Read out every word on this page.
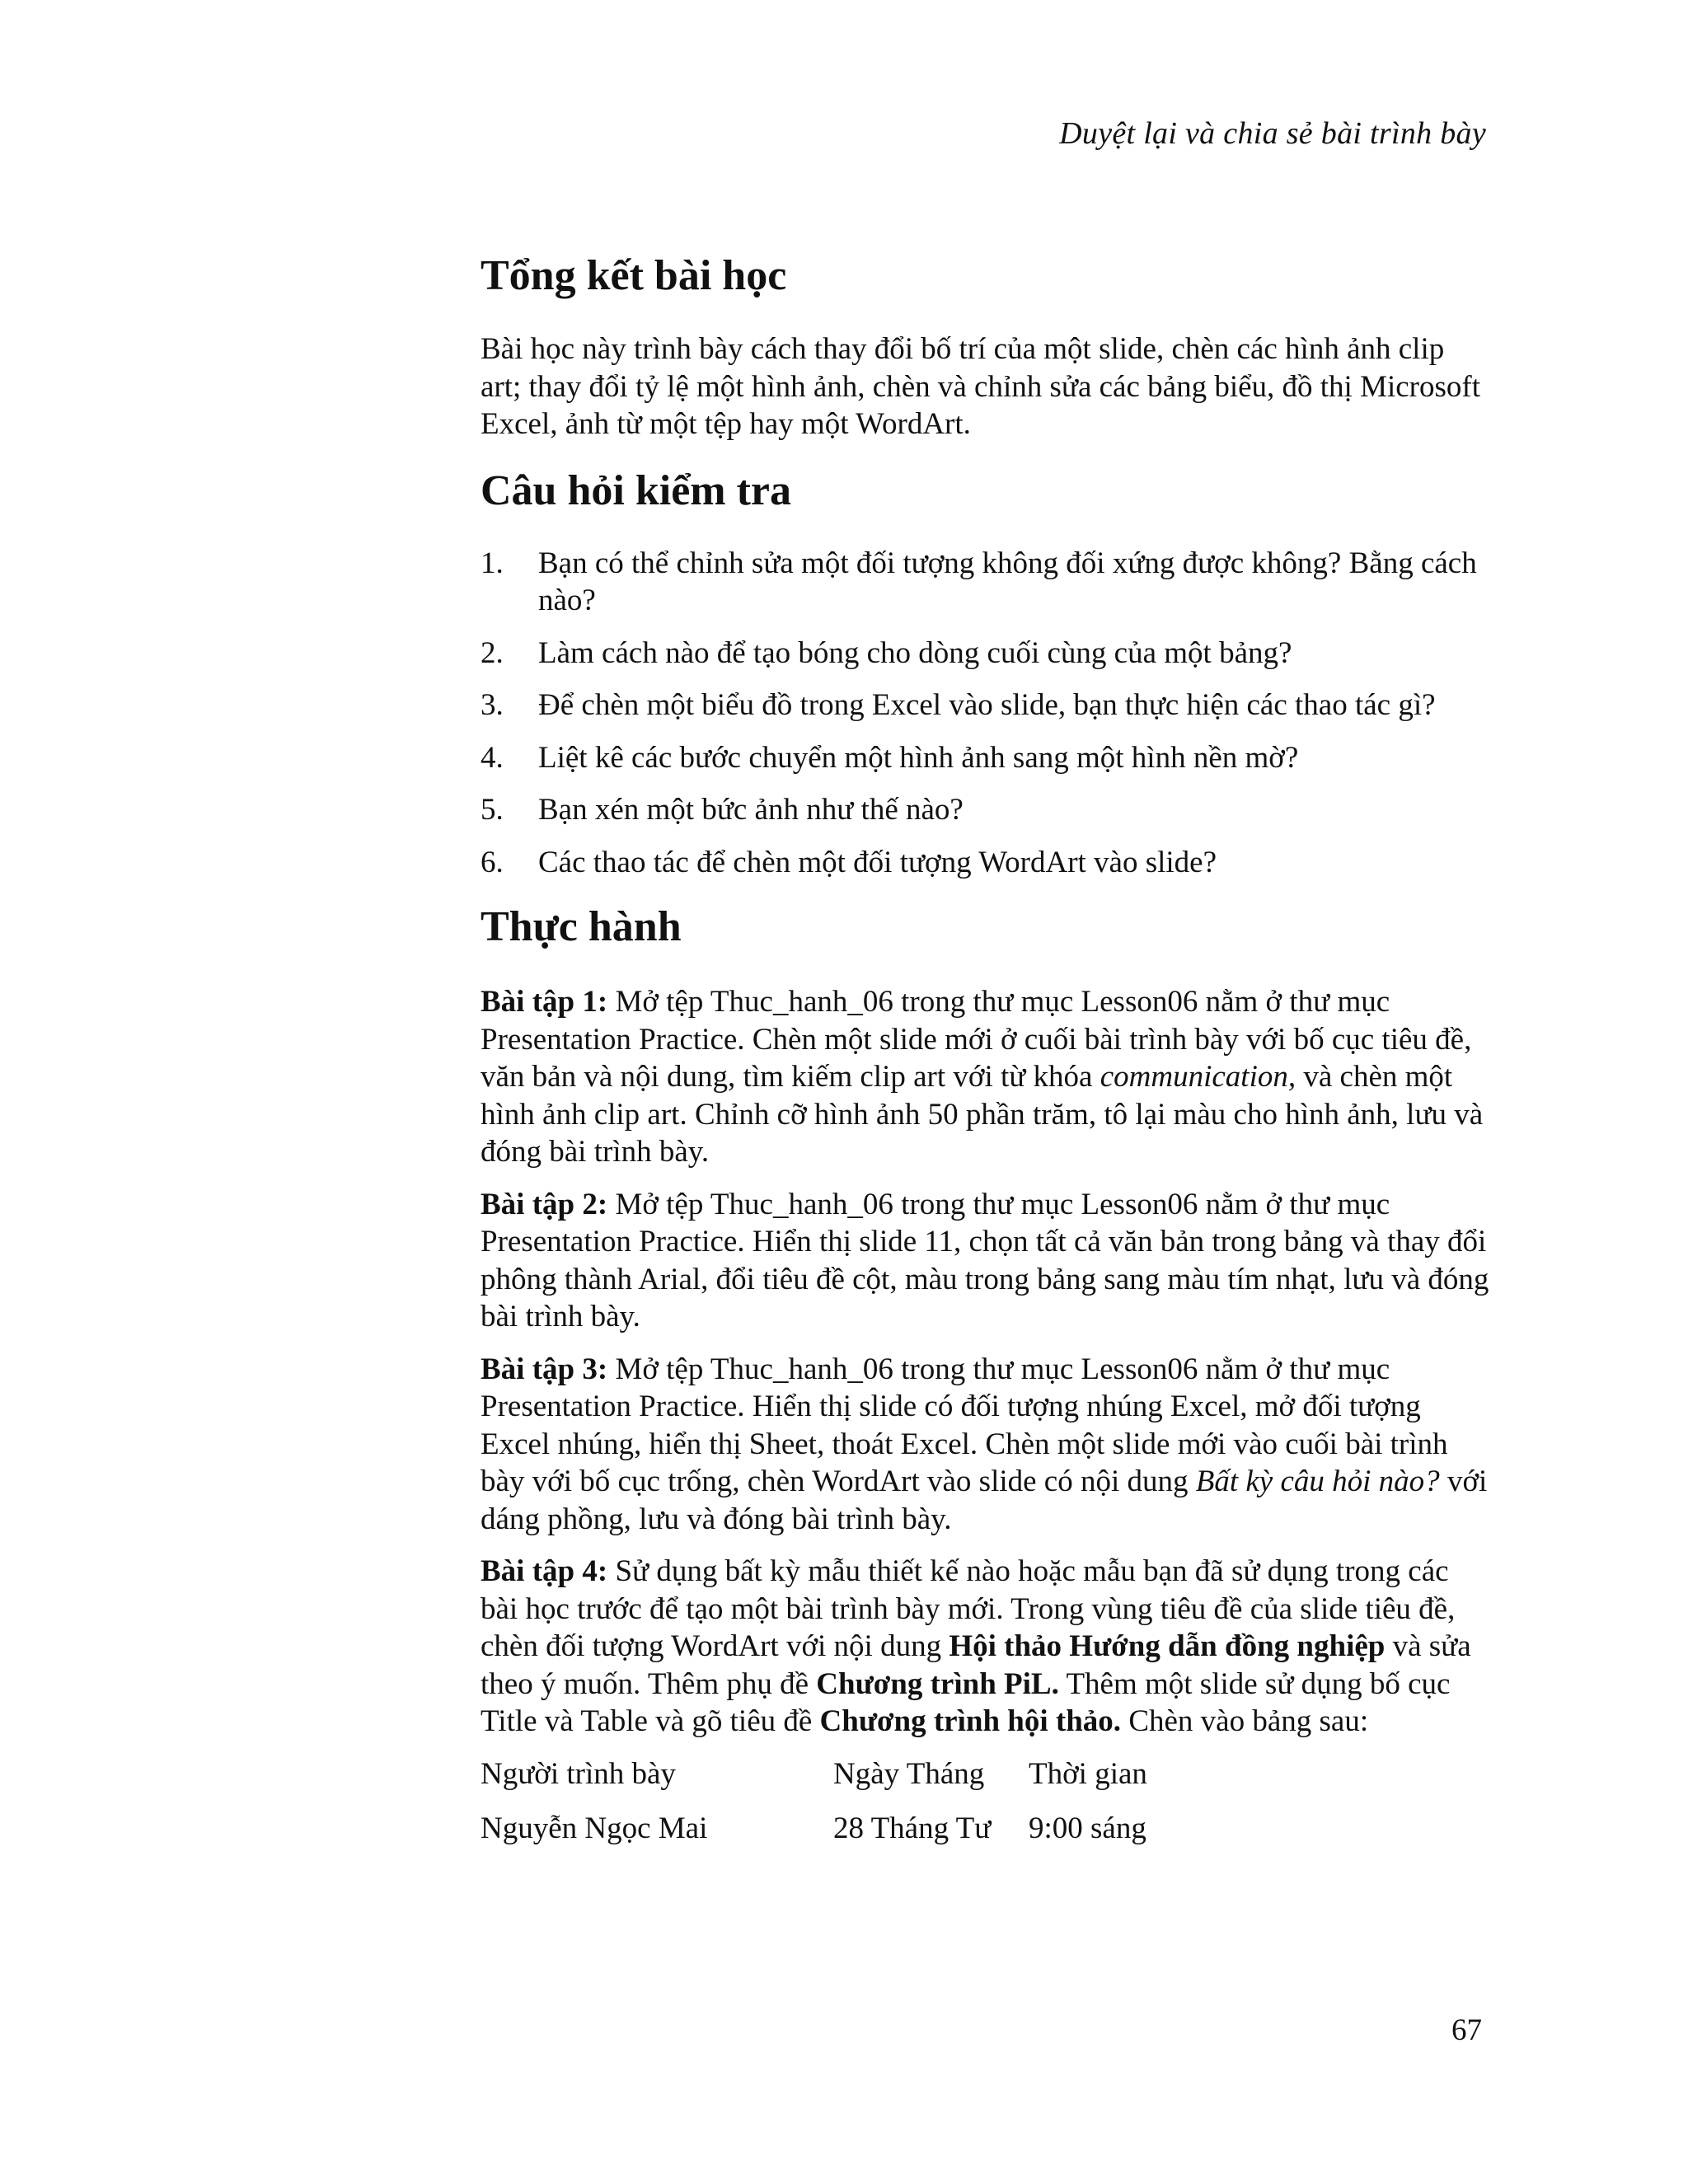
Duyệt lại và chia sẻ bài trình bày
Tổng kết bài học

Bài học này trình bày cách thay đổi bố trí của một slide, chèn các hình ảnh clip art; thay đổi tỷ lệ một hình ảnh, chèn và chỉnh sửa các bảng biểu, đồ thị Microsoft Excel, ảnh từ một tệp hay một WordArt.

Câu hỏi kiểm tra
1. Bạn có thể chỉnh sửa một đối tượng không đối xứng được không? Bằng cách nào?
2. Làm cách nào để tạo bóng cho dòng cuối cùng của một bảng?
3. Để chèn một biểu đồ trong Excel vào slide, bạn thực hiện các thao tác gì?
4. Liệt kê các bước chuyển một hình ảnh sang một hình nền mờ?
5. Bạn xén một bức ảnh như thế nào?
6. Các thao tác để chèn một đối tượng WordArt vào slide?
Thực hành

Bài tập 1: Mở tệp Thuc_hanh_06 trong thư mục Lesson06 nằm ở thư mục Presentation Practice. Chèn một slide mới ở cuối bài trình bày với bố cục tiêu đề, văn bản và nội dung, tìm kiếm clip art với từ khóa communication, và chèn một hình ảnh clip art. Chỉnh cỡ hình ảnh 50 phần trăm, tô lại màu cho hình ảnh, lưu và đóng bài trình bày.

Bài tập 2: Mở tệp Thuc_hanh_06 trong thư mục Lesson06 nằm ở thư mục Presentation Practice. Hiển thị slide 11, chọn tất cả văn bản trong bảng và thay đổi phông thành Arial, đổi tiêu đề cột, màu trong bảng sang màu tím nhạt, lưu và đóng bài trình bày.

Bài tập 3: Mở tệp Thuc_hanh_06 trong thư mục Lesson06 nằm ở thư mục Presentation Practice. Hiển thị slide có đối tượng nhúng Excel, mở đối tượng Excel nhúng, hiển thị Sheet, thoát Excel. Chèn một slide mới vào cuối bài trình bày với bố cục trống, chèn WordArt vào slide có nội dung Bất kỳ câu hỏi nào? với dáng phồng, lưu và đóng bài trình bày.

Bài tập 4: Sử dụng bất kỳ mẫu thiết kế nào hoặc mẫu bạn đã sử dụng trong các bài học trước để tạo một bài trình bày mới. Trong vùng tiêu đề của slide tiêu đề, chèn đối tượng WordArt với nội dung Hội thảo Hướng dẫn đồng nghiệp và sửa theo ý muốn. Thêm phụ đề Chương trình PiL. Thêm một slide sử dụng bố cục Title và Table và gõ tiêu đề Chương trình hội thảo. Chèn vào bảng sau:

Người trình bày	Ngày Tháng	Thời gian
Nguyễn Ngọc Mai	28 Tháng Tư	9:00 sáng
67
